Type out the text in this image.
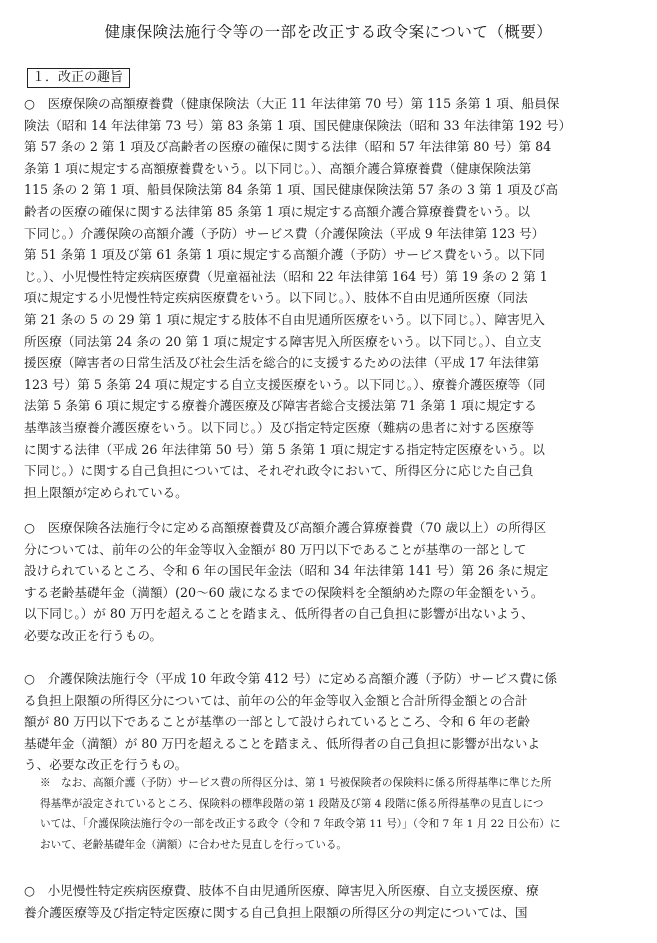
健康保険法施行令等の一部を改正する政令案について（概要）
１．改正の趣旨
○　医療保険の高額療養費（健康保険法（大正 11 年法律第 70 号）第 115 条第 1 項、船員保
険法（昭和 14 年法律第 73 号）第 83 条第 1 項、国民健康保険法（昭和 33 年法律第 192 号）
第 57 条の 2 第 1 項及び高齢者の医療の確保に関する法律（昭和 57 年法律第 80 号）第 84
条第 1 項に規定する高額療養費をいう。以下同じ。）、高額介護合算療養費（健康保険法第
115 条の 2 第 1 項、船員保険法第 84 条第 1 項、国民健康保険法第 57 条の 3 第 1 項及び高
齢者の医療の確保に関する法律第 85 条第 1 項に規定する高額介護合算療養費をいう。以
下同じ。）介護保険の高額介護（予防）サービス費（介護保険法（平成 9 年法律第 123 号）
第 51 条第 1 項及び第 61 条第 1 項に規定する高額介護（予防）サービス費をいう。以下同
じ。）、小児慢性特定疾病医療費（児童福祉法（昭和 22 年法律第 164 号）第 19 条の 2 第 1
項に規定する小児慢性特定疾病医療費をいう。以下同じ。）、肢体不自由児通所医療（同法
第 21 条の 5 の 29 第 1 項に規定する肢体不自由児通所医療をいう。以下同じ。）、障害児入
所医療（同法第 24 条の 20 第 1 項に規定する障害児入所医療をいう。以下同じ。）、自立支
援医療（障害者の日常生活及び社会生活を総合的に支援するための法律（平成 17 年法律第
123 号）第 5 条第 24 項に規定する自立支援医療をいう。以下同じ。）、療養介護医療等（同
法第 5 条第 6 項に規定する療養介護医療及び障害者総合支援法第 71 条第 1 項に規定する
基準該当療養介護医療をいう。以下同じ。）及び指定特定医療（難病の患者に対する医療等
に関する法律（平成 26 年法律第 50 号）第 5 条第 1 項に規定する指定特定医療をいう。以
下同じ。）に関する自己負担については、それぞれ政令において、所得区分に応じた自己負
担上限額が定められている。
○　医療保険各法施行令に定める高額療養費及び高額介護合算療養費（70 歳以上）の所得区
分については、前年の公的年金等収入金額が 80 万円以下であることが基準の一部として
設けられているところ、令和 6 年の国民年金法（昭和 34 年法律第 141 号）第 26 条に規定
する老齢基礎年金（満額）(20～60 歳になるまでの保険料を全額納めた際の年金額をいう。
以下同じ。）が 80 万円を超えることを踏まえ、低所得者の自己負担に影響が出ないよう、
必要な改正を行うもの。
○　介護保険法施行令（平成 10 年政令第 412 号）に定める高額介護（予防）サービス費に係
る負担上限額の所得区分については、前年の公的年金等収入金額と合計所得金額との合計
額が 80 万円以下であることが基準の一部として設けられているところ、令和 6 年の老齢
基礎年金（満額）が 80 万円を超えることを踏まえ、低所得者の自己負担に影響が出ないよ
う、必要な改正を行うもの。
※　なお、高額介護（予防）サービス費の所得区分は、第 1 号被保険者の保険料に係る所得基準に準じた所
得基準が設定されているところ、保険料の標準段階の第 1 段階及び第 4 段階に係る所得基準の見直しにつ
いては、「介護保険法施行令の一部を改正する政令（令和 7 年政令第 11 号）」（令和 7 年 1 月 22 日公布）に
おいて、老齢基礎年金（満額）に合わせた見直しを行っている。
○　小児慢性特定疾病医療費、肢体不自由児通所医療、障害児入所医療、自立支援医療、療
養介護医療等及び指定特定医療に関する自己負担上限額の所得区分の判定については、国
